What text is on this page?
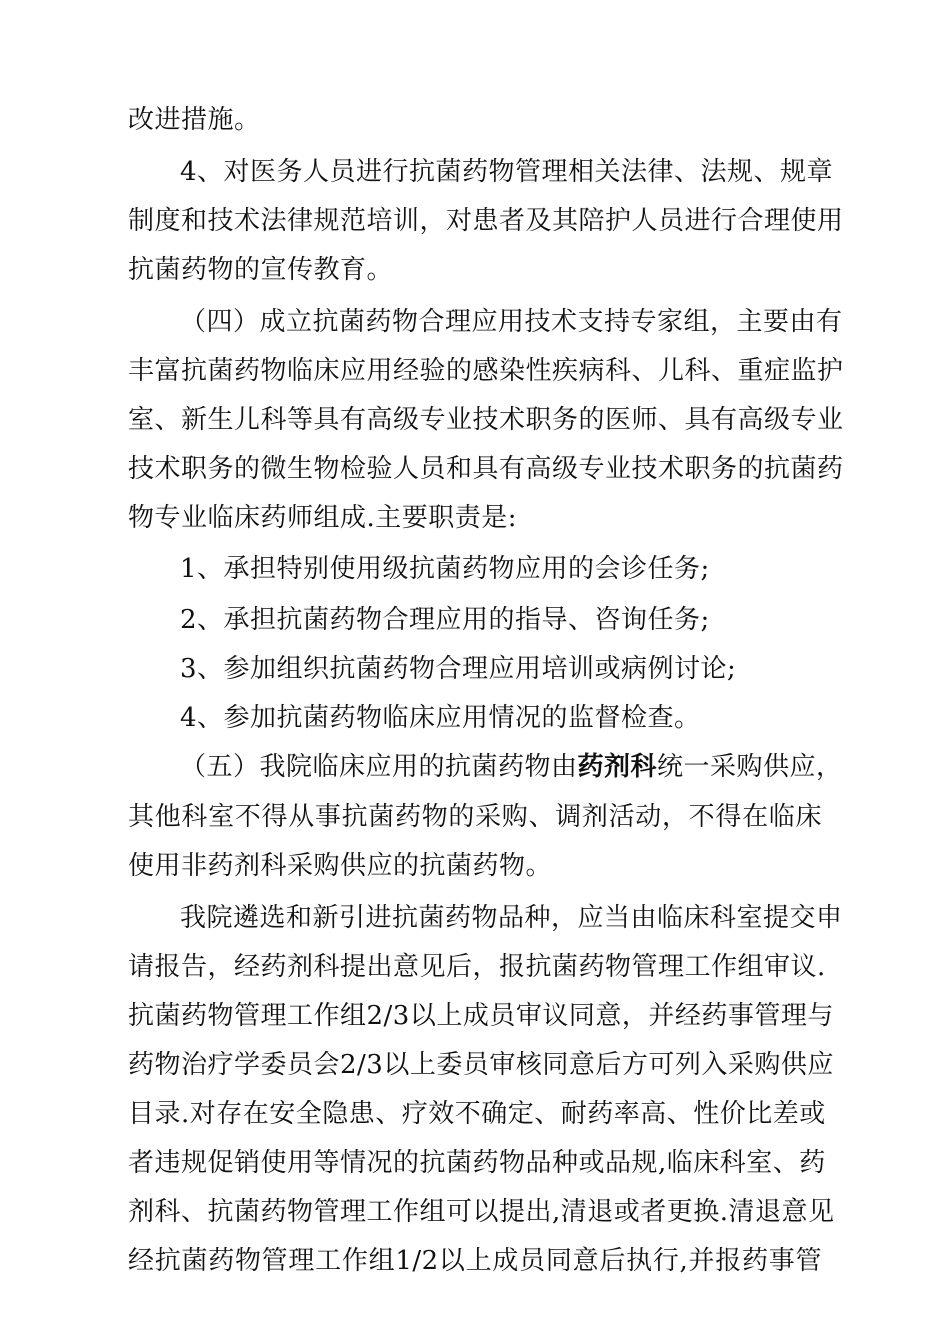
改进措施。
4、对医务人员进行抗菌药物管理相关法律、法规、规章
制度和技术法律规范培训，对患者及其陪护人员进行合理使用
抗菌药物的宣传教育。
（四）成立抗菌药物合理应用技术支持专家组，主要由有
丰富抗菌药物临床应用经验的感染性疾病科、儿科、重症监护
室、新生儿科等具有高级专业技术职务的医师、具有高级专业
技术职务的微生物检验人员和具有高级专业技术职务的抗菌药
物专业临床药师组成.主要职责是:
1、承担特别使用级抗菌药物应用的会诊任务;
2、承担抗菌药物合理应用的指导、咨询任务;
3、参加组织抗菌药物合理应用培训或病例讨论;
4、参加抗菌药物临床应用情况的监督检查。
（五）我院临床应用的抗菌药物由药剂科统一采购供应，
其他科室不得从事抗菌药物的采购、调剂活动，不得在临床
使用非药剂科采购供应的抗菌药物。
我院遴选和新引进抗菌药物品种，应当由临床科室提交申
请报告，经药剂科提出意见后，报抗菌药物管理工作组审议.
抗菌药物管理工作组2/3以上成员审议同意，并经药事管理与
药物治疗学委员会2/3以上委员审核同意后方可列入采购供应
目录.对存在安全隐患、疗效不确定、耐药率高、性价比差或
者违规促销使用等情况的抗菌药物品种或品规,临床科室、药
剂科、抗菌药物管理工作组可以提出,清退或者更换.清退意见
经抗菌药物管理工作组1/2以上成员同意后执行,并报药事管
